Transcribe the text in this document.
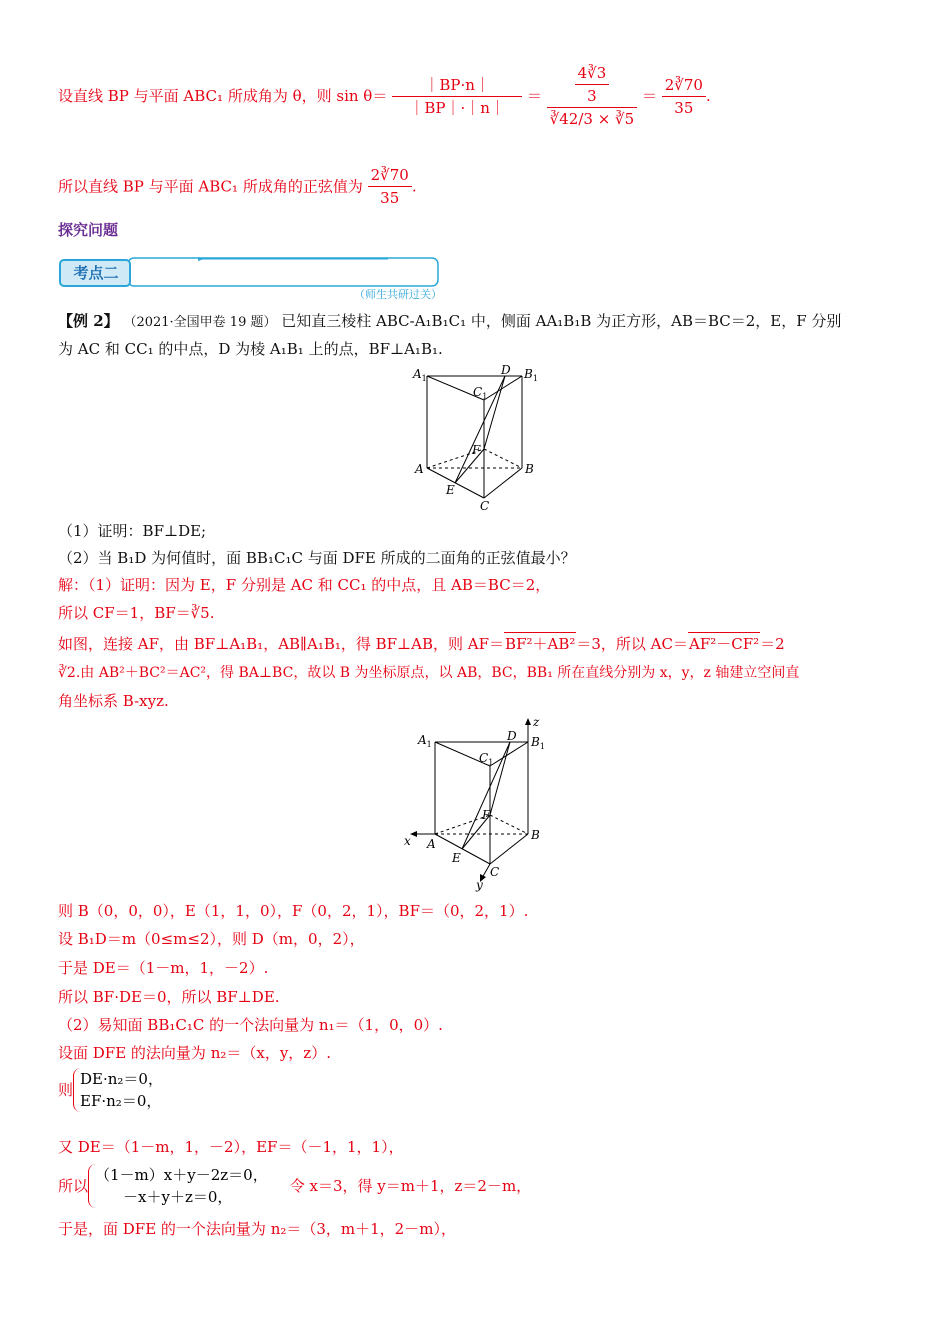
设直线 BP 与平面 ABC₁ 所成角为 θ，则 $\sin \theta= \frac{|BP\cdot n|}{|BP|\cdot|n|} = \frac{\frac{4∛3}{3}}{∛42/3 \times ∛5} = \frac{2∛70}{35}$ .
所以直线 BP 与平面 ABC₁ 所成角的正弦值为 $\frac{2∛70}{35}$ .
探究问题
考点二
（师生共研过关）
【例 2】 （2021·全国甲卷 19 题） 已知直三棱柱 ABC-A₁B₁C₁ 中，侧面 AA₁B₁B 为正方形，AB＝BC＝2，E，F 分别
为 AC 和 CC₁ 的中点，D 为棱 A₁B₁ 上的点，BF⊥A₁B₁.
$A_1$	$B_1$
$C_1$
D
A	B
C
E
F
（1）证明：BF⊥DE;
（2）当 B₁D 为何值时，面 BB₁C₁C 与面 DFE 所成的二面角的正弦值最小？
解：（1）证明：因为 E，F 分别是 AC 和 CC₁ 的中点，且 AB＝BC＝2，
所以 CF＝1，BF＝∛5.
如图，连接 AF，由 BF⊥A₁B₁，AB∥A₁B₁，得 BF⊥AB，则 AF＝BF²＋AB²＝3，所以 AC＝AF²－CF²＝2
∛2.由 AB²＋BC²＝AC²，得 BA⊥BC，故以 B 为坐标原点，以 AB，BC，BB₁ 所在直线分别为 x，y，z 轴建立空间直
角坐标系 B-xyz.
$A_1$	$B_1$
$C_1$
D
A
B
C
E
F
x
y
z
则 B（0，0，0），E（1，1，0），F（0，2，1），BF＝（0，2，1）.
设 B₁D＝m（0≤m≤2），则 D（m，0，2），
于是 DE＝（1－m，1，－2）.
所以 BF·DE＝0，所以 BF⊥DE.
（2）易知面 BB₁C₁C 的一个法向量为 n₁＝（1，0，0）.
设面 DFE 的法向量为 n₂＝（x，y，z）.
则
DE·n₂＝0，
EF·n₂＝0，
又 DE＝（1－m，1，－2），EF＝（－1，1，1），
所以
（1－m）x＋y－2z＝0，
－x＋y＋z＝0，
令 x＝3，得 y＝m＋1，z＝2－m，
于是，面 DFE 的一个法向量为 n₂＝（3，m＋1，2－m），
